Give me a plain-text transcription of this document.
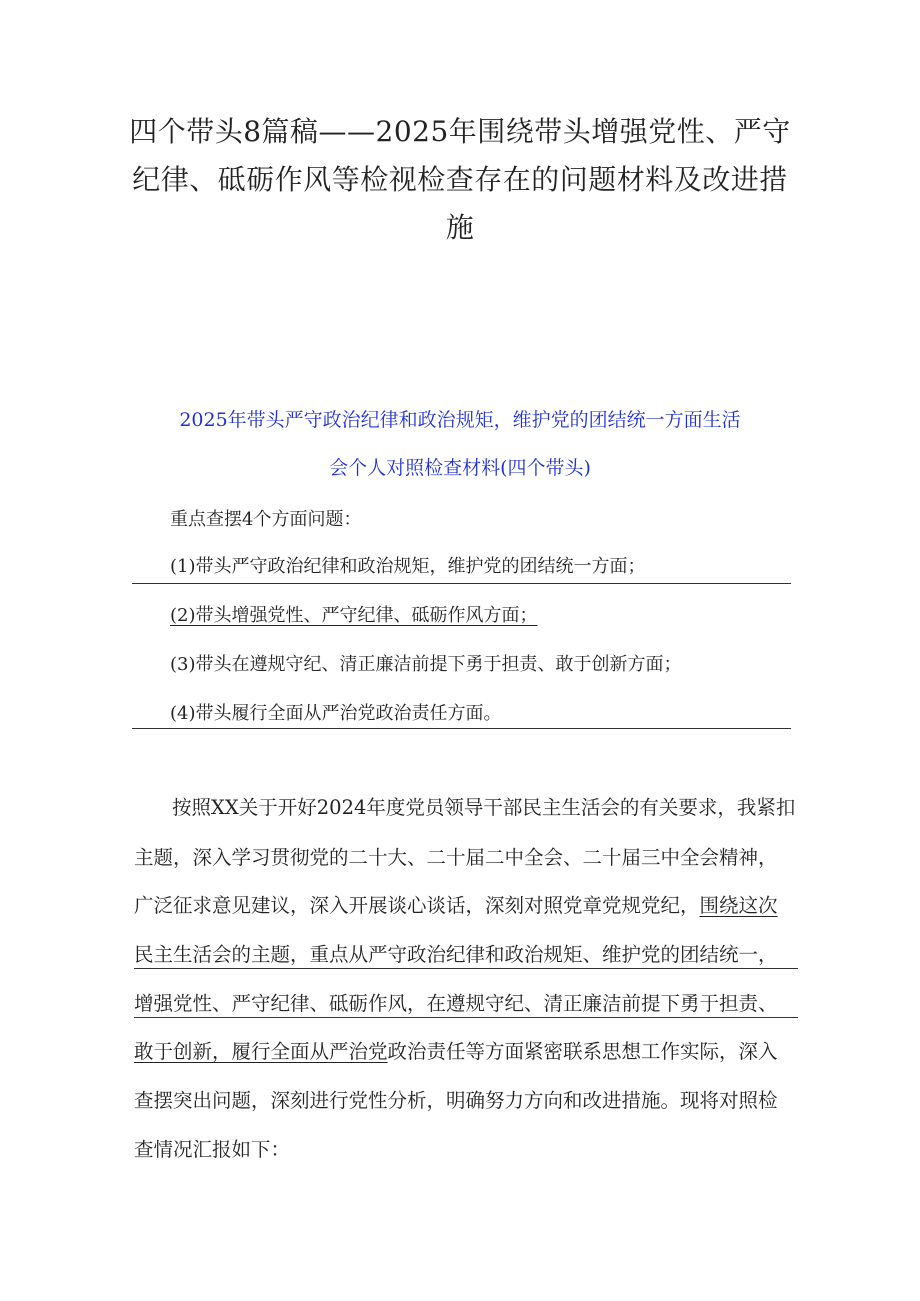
四个带头8篇稿——2025年围绕带头增强党性、严守
纪律、砥砺作风等检视检查存在的问题材料及改进措
施

2025年带头严守政治纪律和政治规矩，维护党的团结统一方面生活

会个人对照检查材料(四个带头)

重点查摆4个方面问题：

(1)带头严守政治纪律和政治规矩，维护党的团结统一方面；

(2)带头增强党性、严守纪律、砥砺作风方面；

(3)带头在遵规守纪、清正廉洁前提下勇于担责、敢于创新方面；

(4)带头履行全面从严治党政治责任方面。

按照XX关于开好2024年度党员领导干部民主生活会的有关要求，我紧扣

主题，深入学习贯彻党的二十大、二十届二中全会、二十届三中全会精神，

广泛征求意见建议，深入开展谈心谈话，深刻对照党章党规党纪，围绕这次

民主生活会的主题，重点从严守政治纪律和政治规矩、维护党的团结统一，

增强党性、严守纪律、砥砺作风，在遵规守纪、清正廉洁前提下勇于担责、

敢于创新，履行全面从严治党政治责任等方面紧密联系思想工作实际，深入

查摆突出问题，深刻进行党性分析，明确努力方向和改进措施。现将对照检

查情况汇报如下：
